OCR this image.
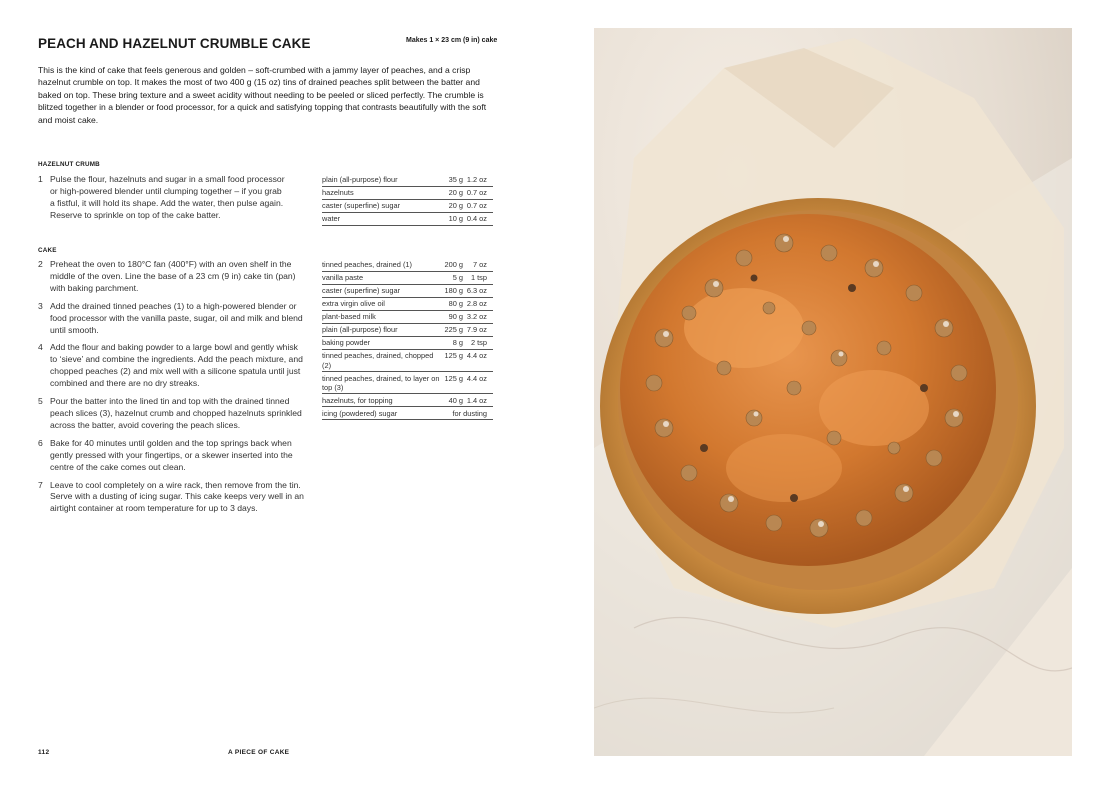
PEACH AND HAZELNUT CRUMBLE CAKE	Makes 1 × 23 cm (9 in) cake

This is the kind of cake that feels generous and golden – soft-crumbed with a jammy layer of peaches, and a crisp hazelnut crumble on top. It makes the most of two 400 g (15 oz) tins of drained peaches split between the batter and baked on top. These bring texture and a sweet acidity without needing to be peeled or sliced perfectly. The crumble is blitzed together in a blender or food processor, for a quick and satisfying topping that contrasts beautifully with the soft and moist cake.

HAZELNUT CRUMB
1 Pulse the flour, hazelnuts and sugar in a small food processor or high-powered blender until clumping together – if you grab a fistful, it will hold its shape. Add the water, then pulse again. Reserve to sprinkle on top of the cake batter.
plain (all-purpose) flour	35 g	1.2 oz
hazelnuts	20 g	0.7 oz
caster (superfine) sugar	20 g	0.7 oz
water	10 g	0.4 oz
CAKE
2 Preheat the oven to 180°C fan (400°F) with an oven shelf in the middle of the oven. Line the base of a 23 cm (9 in) cake tin (pan) with baking parchment.
3 Add the drained tinned peaches (1) to a high-powered blender or food processor with the vanilla paste, sugar, oil and milk and blend until smooth.
4 Add the flour and baking powder to a large bowl and gently whisk to ‘sieve’ and combine the ingredients. Add the peach mixture, and chopped peaches (2) and mix well with a silicone spatula until just combined and there are no dry streaks.
5 Pour the batter into the lined tin and top with the drained tinned peach slices (3), hazelnut crumb and chopped hazelnuts sprinkled across the batter, avoid covering the peach slices.
6 Bake for 40 minutes until golden and the top springs back when gently pressed with your fingertips, or a skewer inserted into the centre of the cake comes out clean.
7 Leave to cool completely on a wire rack, then remove from the tin. Serve with a dusting of icing sugar. This cake keeps very well in an airtight container at room temperature for up to 3 days.
tinned peaches, drained (1)	200 g	7 oz
vanilla paste	5 g	1 tsp
caster (superfine) sugar	180 g	6.3 oz
extra virgin olive oil	80 g	2.8 oz
plant-based milk	90 g	3.2 oz
plain (all-purpose) flour	225 g	7.9 oz
baking powder	8 g	2 tsp
tinned peaches, drained, chopped (2)	125 g	4.4 oz
tinned peaches, drained, to layer on top (3)	125 g	4.4 oz
hazelnuts, for topping	40 g	1.4 oz
icing (powdered) sugar	for dusting	
112	A PIECE OF CAKE
